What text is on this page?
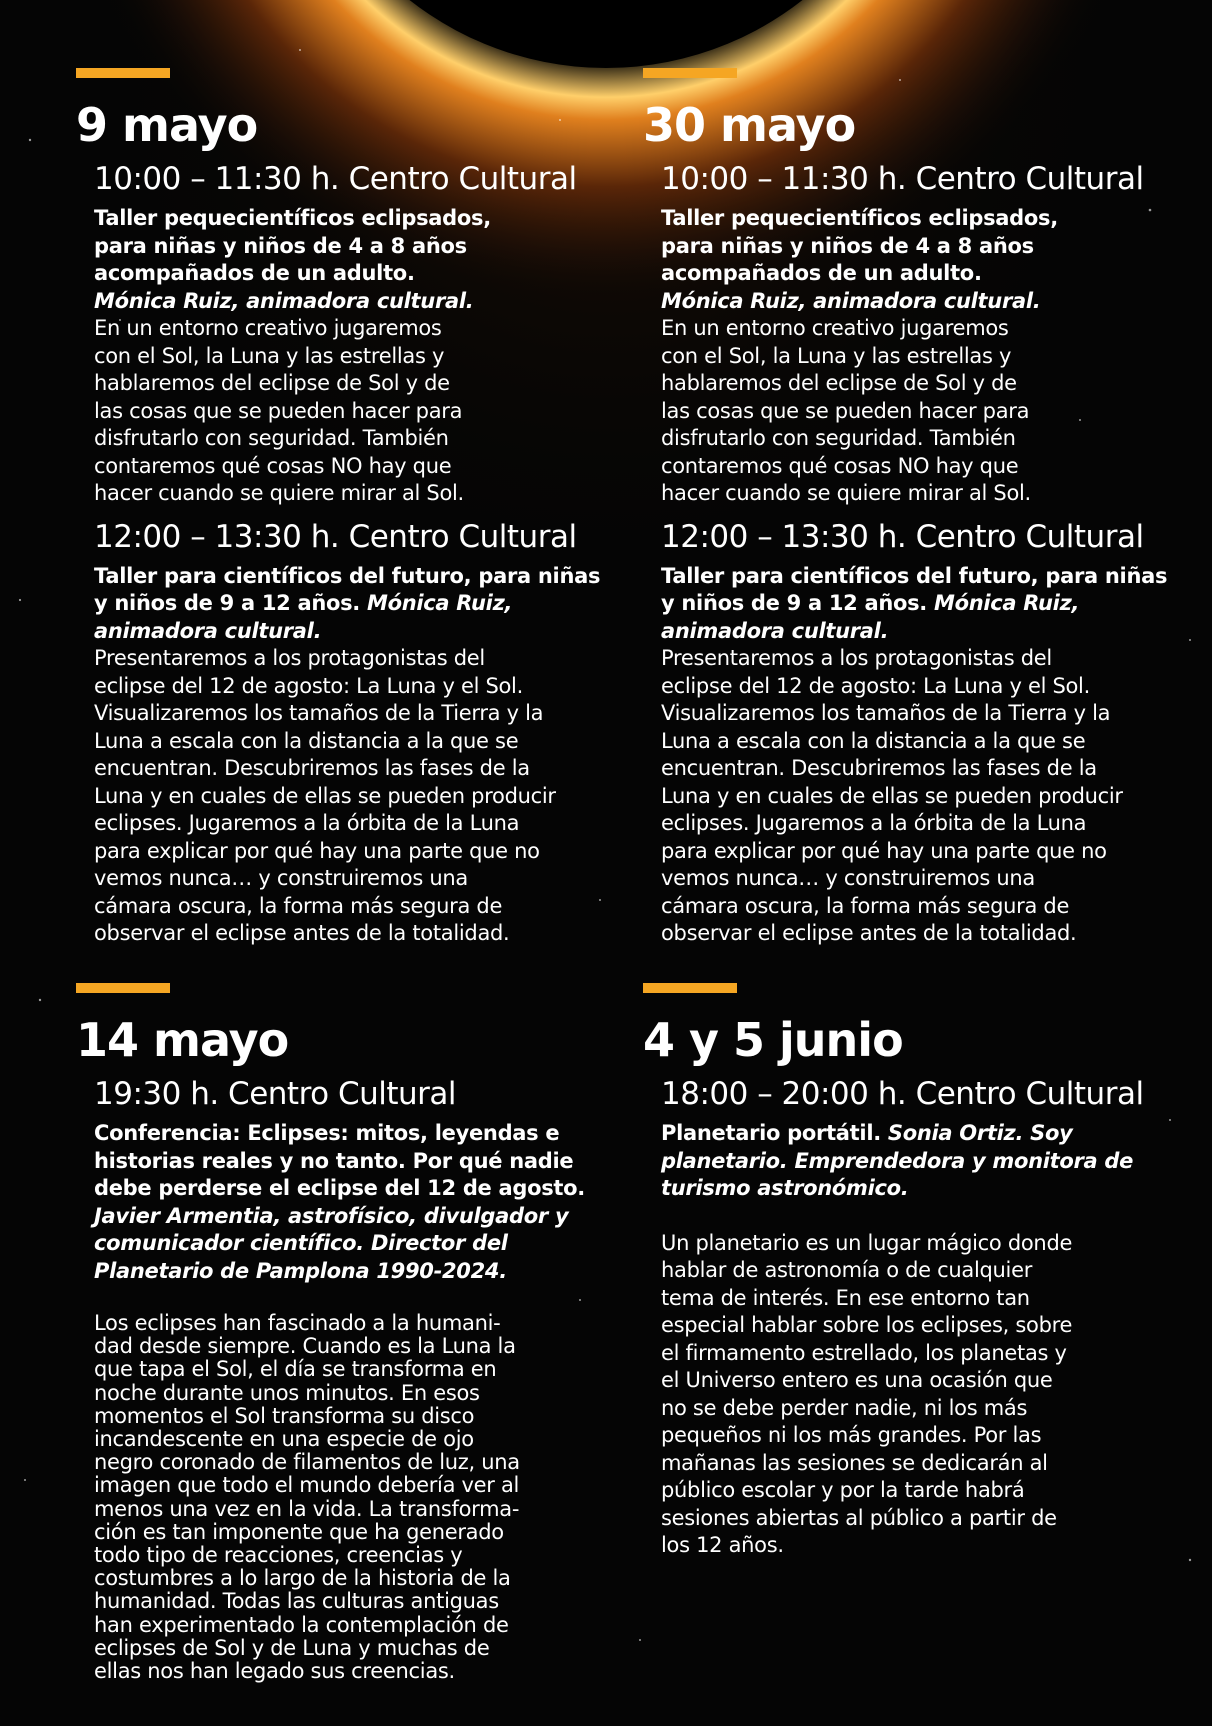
9 mayo
10:00 – 11:30 h. Centro Cultural

Taller pequecientíficos eclipsados,
para niñas y niños de 4 a 8 años
acompañados de un adulto.
Mónica Ruiz, animadora cultural.
En un entorno creativo jugaremos
con el Sol, la Luna y las estrellas y
hablaremos del eclipse de Sol y de
las cosas que se pueden hacer para
disfrutarlo con seguridad. También
contaremos qué cosas NO hay que
hacer cuando se quiere mirar al Sol.

12:00 – 13:30 h. Centro Cultural

Taller para científicos del futuro, para niñas
y niños de 9 a 12 años. Mónica Ruiz,
animadora cultural.
Presentaremos a los protagonistas del
eclipse del 12 de agosto: La Luna y el Sol.
Visualizaremos los tamaños de la Tierra y la
Luna a escala con la distancia a la que se
encuentran. Descubriremos las fases de la
Luna y en cuales de ellas se pueden producir
eclipses. Jugaremos a la órbita de la Luna
para explicar por qué hay una parte que no
vemos nunca… y construiremos una
cámara oscura, la forma más segura de
observar el eclipse antes de la totalidad.

30 mayo
10:00 – 11:30 h. Centro Cultural

Taller pequecientíficos eclipsados,
para niñas y niños de 4 a 8 años
acompañados de un adulto.
Mónica Ruiz, animadora cultural.
En un entorno creativo jugaremos
con el Sol, la Luna y las estrellas y
hablaremos del eclipse de Sol y de
las cosas que se pueden hacer para
disfrutarlo con seguridad. También
contaremos qué cosas NO hay que
hacer cuando se quiere mirar al Sol.

12:00 – 13:30 h. Centro Cultural

Taller para científicos del futuro, para niñas
y niños de 9 a 12 años. Mónica Ruiz,
animadora cultural.
Presentaremos a los protagonistas del
eclipse del 12 de agosto: La Luna y el Sol.
Visualizaremos los tamaños de la Tierra y la
Luna a escala con la distancia a la que se
encuentran. Descubriremos las fases de la
Luna y en cuales de ellas se pueden producir
eclipses. Jugaremos a la órbita de la Luna
para explicar por qué hay una parte que no
vemos nunca… y construiremos una
cámara oscura, la forma más segura de
observar el eclipse antes de la totalidad.

14 mayo
19:30 h. Centro Cultural

Conferencia: Eclipses: mitos, leyendas e
historias reales y no tanto. Por qué nadie
debe perderse el eclipse del 12 de agosto.
Javier Armentia, astrofísico, divulgador y
comunicador científico. Director del
Planetario de Pamplona 1990-2024.

Los eclipses han fascinado a la humani-
dad desde siempre. Cuando es la Luna la
que tapa el Sol, el día se transforma en
noche durante unos minutos. En esos
momentos el Sol transforma su disco
incandescente en una especie de ojo
negro coronado de filamentos de luz, una
imagen que todo el mundo debería ver al
menos una vez en la vida. La transforma-
ción es tan imponente que ha generado
todo tipo de reacciones, creencias y
costumbres a lo largo de la historia de la
humanidad. Todas las culturas antiguas
han experimentado la contemplación de
eclipses de Sol y de Luna y muchas de
ellas nos han legado sus creencias.

4 y 5 junio
18:00 – 20:00 h. Centro Cultural

Planetario portátil. Sonia Ortiz. Soy
planetario. Emprendedora y monitora de
turismo astronómico.

Un planetario es un lugar mágico donde
hablar de astronomía o de cualquier
tema de interés. En ese entorno tan
especial hablar sobre los eclipses, sobre
el firmamento estrellado, los planetas y
el Universo entero es una ocasión que
no se debe perder nadie, ni los más
pequeños ni los más grandes. Por las
mañanas las sesiones se dedicarán al
público escolar y por la tarde habrá
sesiones abiertas al público a partir de
los 12 años.
